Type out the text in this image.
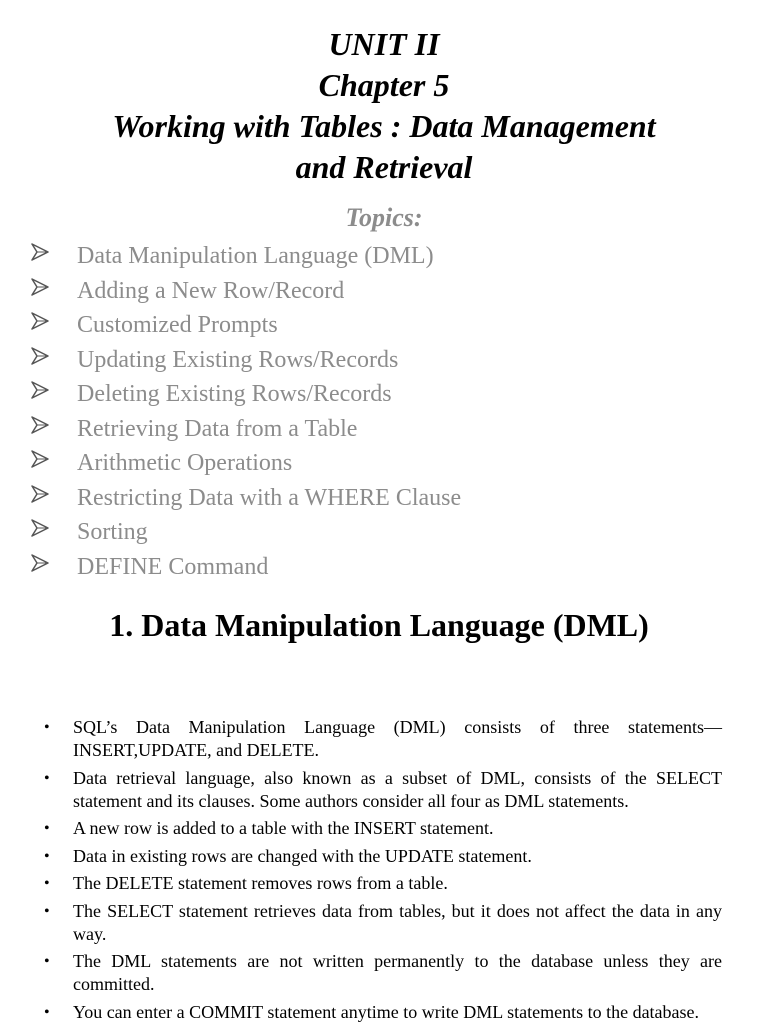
UNIT II
Chapter 5
Working with Tables : Data Management
and Retrieval
Topics:
Data Manipulation Language (DML)
Adding a New Row/Record
Customized Prompts
Updating Existing Rows/Records
Deleting Existing Rows/Records
Retrieving Data from a Table
Arithmetic Operations
Restricting Data with a WHERE Clause
Sorting
DEFINE Command
1. Data Manipulation Language (DML)
• SQL’s Data Manipulation Language (DML) consists of three statements— INSERT,UPDATE, and DELETE.
• Data retrieval language, also known as a subset of DML, consists of the SELECT statement and its clauses. Some authors consider all four as DML statements.
• A new row is added to a table with the INSERT statement.
• Data in existing rows are changed with the UPDATE statement.
• The DELETE statement removes rows from a table.
• The SELECT statement retrieves data from tables, but it does not affect the data in any way.
• The DML statements are not written permanently to the database unless they are committed.
• You can enter a COMMIT statement anytime to write DML statements to the database.
